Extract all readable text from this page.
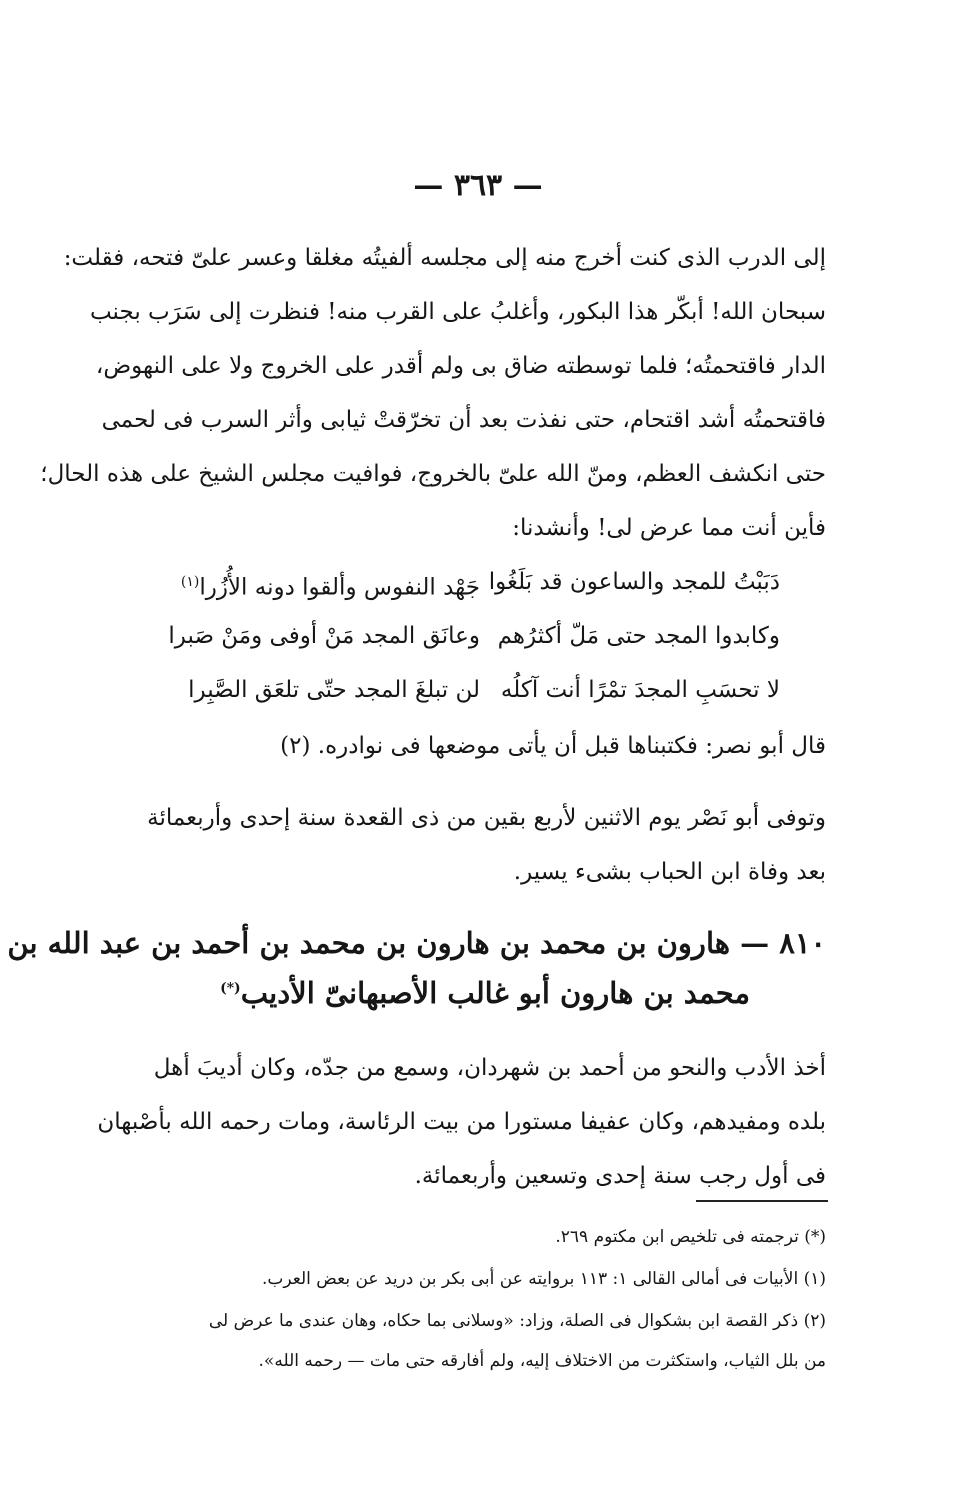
— ٣٦٣ —
إلى الدرب الذى كنت أخرج منه إلى مجلسه ألفيتُه مغلقا وعسر علىّ فتحه، فقلت:
سبحان الله! أبكّر هذا البكور، وأغلبُ على القرب منه! فنظرت إلى سَرَب بجنب
الدار فاقتحمتُه؛ فلما توسطته ضاق بى ولم أقدر على الخروج ولا على النهوض،
فاقتحمتُه أشد اقتحام، حتى نفذت بعد أن تخرّقتْ ثيابى وأثر السرب فى لحمى
حتى انكشف العظم، ومنّ الله علىّ بالخروج، فوافيت مجلس الشيخ على هذه الحال؛
فأين أنت مما عرض لى! وأنشدنا:
دَبَبْتُ للمجد والساعون قد بَلَغُوا
جَهْد النفوس وألقوا دونه الأُزُرا$^{(١)}$
وكابدوا المجد حتى مَلّ أكثرُهم
وعانَق المجد مَنْ أوفى ومَنْ صَبرا
لا تحسَبِ المجدَ تمْرًا أنت آكلُه
لن تبلغَ المجد حتّى تلعَق الصَّبِرا
قال أبو نصر: فكتبناها قبل أن يأتى موضعها فى نوادره. (٢)
وتوفى أبو نَصْر يوم الاثنين لأربع بقين من ذى القعدة سنة إحدى وأربعمائة
بعد وفاة ابن الحباب بشىء يسير.
٨١٠ — هارون بن محمد بن هارون بن محمد بن أحمد بن عبد الله بن
محمد بن هارون أبو غالب الأصبهانىّ الأديب(*)
أخذ الأدب والنحو من أحمد بن شهردان، وسمع من جدّه، وكان أديبَ أهل
بلده ومفيدهم، وكان عفيفا مستورا من بيت الرئاسة، ومات رحمه الله بأصْبهان
فى أول رجب سنة إحدى وتسعين وأربعمائة.
(*) ترجمته فى تلخيص ابن مكتوم ٢٦٩.
(١) الأبيات فى أمالى القالى ١: ١١٣ بروايته عن أبى بكر بن دريد عن بعض العرب.
(٢) ذكر القصة ابن بشكوال فى الصلة، وزاد: «وسلانى بما حكاه، وهان عندى ما عرض لى
من بلل الثياب، واستكثرت من الاختلاف إليه، ولم أفارقه حتى مات — رحمه الله».
